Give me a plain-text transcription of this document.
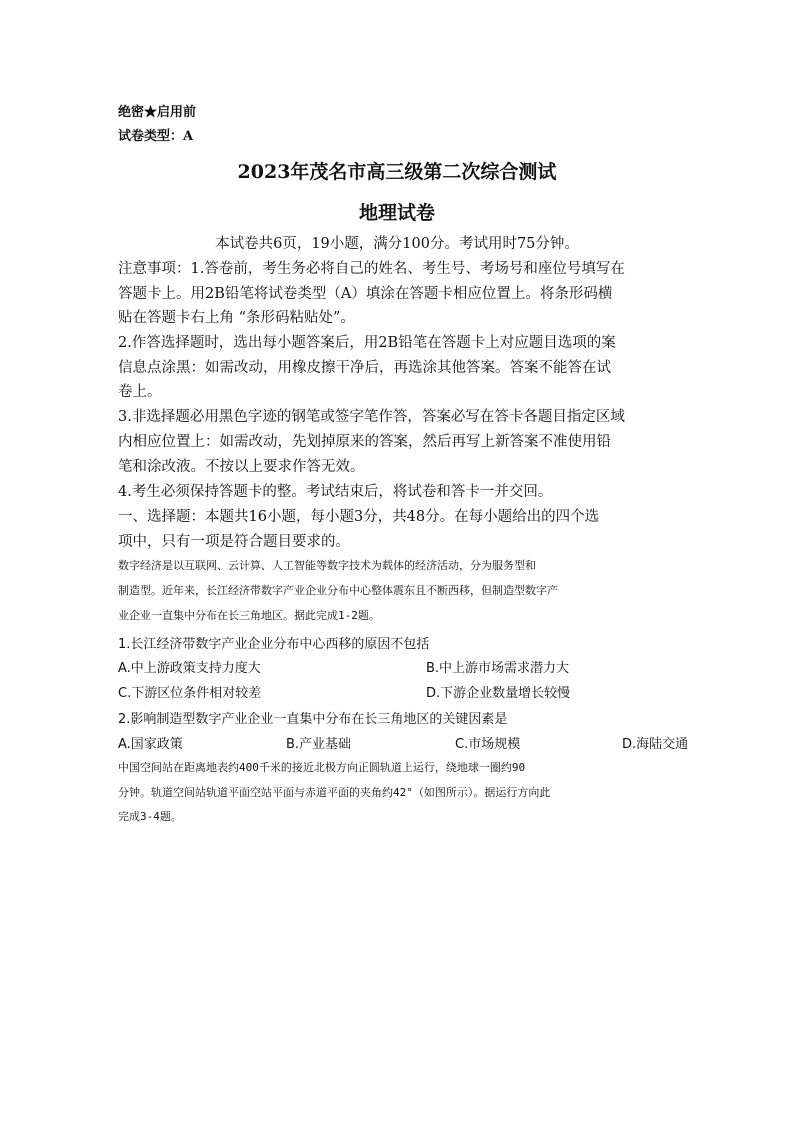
绝密★启用前
试卷类型：A
2023年茂名市高三级第二次综合测试
地理试卷
本试卷共6页，19小题，满分100分。考试用时75分钟。
注意事项：1.答卷前，考生务必将自己的姓名、考生号、考场号和座位号填写在
答题卡上。用2B铅笔将试卷类型（A）填涂在答题卡相应位置上。将条形码横
贴在答题卡右上角 “条形码粘贴处”。
2.作答选择题时，选出每小题答案后，用2B铅笔在答题卡上对应题目选项的案
信息点涂黑：如需改动，用橡皮擦干净后，再选涂其他答案。答案不能答在试
卷上。
3.非选择题必用黑色字迹的钢笔或签字笔作答，答案必写在答卡各题目指定区域
内相应位置上：如需改动，先划掉原来的答案，然后再写上新答案不准使用铅
笔和涂改液。不按以上要求作答无效。
4.考生必须保持答题卡的整。考试结束后，将试卷和答卡一并交回。
一、选择题：本题共16小题，每小题3分，共48分。在每小题给出的四个选
项中，只有一项是符合题目要求的。
数字经济是以互联网、云计算、人工智能等数字技术为载体的经济活动，分为服务型和
制造型。近年来，长江经济带数字产业企业分布中心整体震东且不断西移，但制造型数字产
业企业一直集中分布在长三角地区。据此完成1-2题。
1.长江经济带数字产业企业分布中心西移的原因不包括
A.中上游政策支持力度大	B.中上游市场需求潜力大
C.下游区位条件相对较差	D.下游企业数量增长较慢
2.影响制造型数字产业企业一直集中分布在长三角地区的关键因素是
A.国家政策	B.产业基础	C.市场规模	D.海陆交通
中国空间站在距离地表约400千米的接近北极方向正圆轨道上运行，绕地球一圈约90
分钟。轨道空间站轨道平面空站平面与赤道平面的夹角约42°（如图所示）。据运行方向此
完成3-4题。
